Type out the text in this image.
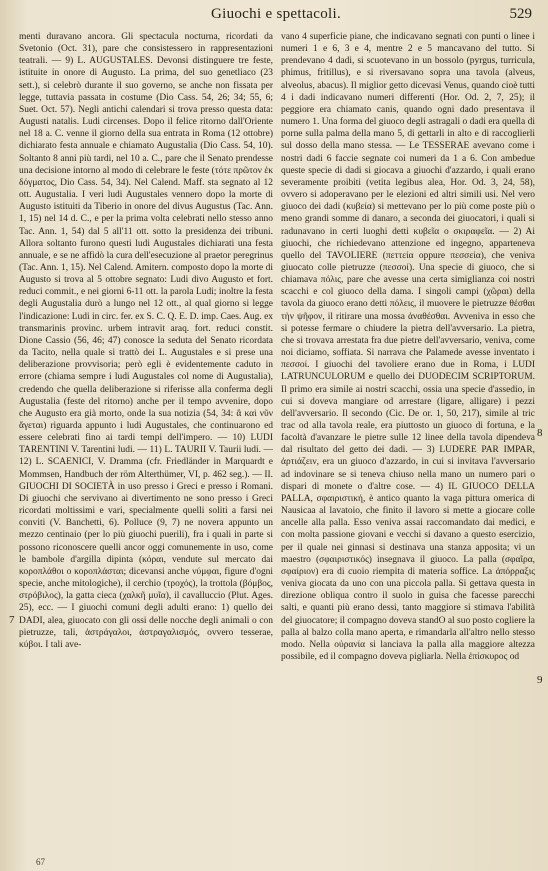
Giuochi e spettacoli.	529

menti duravano ancora. Gli spectacula nocturna, ricordati da Svetonio (Oct. 31), pare che consistessero in rappresentazioni teatrali. — 9) L. AUGUSTALES. Devonsi distinguere tre feste, istituite in onore di Augusto. La prima, del suo genetliaco (23 sett.), si celebrò durante il suo governo, se anche non fissata per legge, tuttavia passata in costume (Dio Cass. 54, 26; 34; 55, 6; Suet. Oct. 57). Negli antichi calendari si trova presso questa data: Augusti natalis. Ludi circenses. Dopo il felice ritorno dall'Oriente nel 18 a. C. venne il giorno della sua entrata in Roma (12 ottobre) dichiarato festa annuale e chiamato Augustalia (Dio Cass. 54, 10). Soltanto 8 anni più tardi, nel 10 a. C., pare che il Senato prendesse una decisione intorno al modo di celebrare le feste (τότε πρῶτον ἐκ δόγματος, Dio Cass. 54, 34). Nel Calend. Maff. sta segnato al 12 ott. Augustalia. I veri ludi Augustales vennero dopo la morte di Augusto istituiti da Tiberio in onore del divus Augustus (Tac. Ann. 1, 15) nel 14 d. C., e per la prima volta celebrati nello stesso anno Tac. Ann. 1, 54) dal 5 all'11 ott. sotto la presidenza dei tribuni. Allora soltanto furono questi ludi Augustales dichiarati una festa annuale, e se ne affidò la cura dell'esecuzione al praetor peregrinus (Tac. Ann. 1, 15). Nel Calend. Amitern. composto dopo la morte di Augusto si trova al 5 ottobre segnato: Ludi divo Augusto et fort. reduci commit., e nei giorni 6-11 ott. la parola Ludi; inoltre la festa degli Augustalia durò a lungo nel 12 ott., al qual giorno si legge l'indicazione: Ludi in circ. fer. ex S. C. Q. E. D. imp. Caes. Aug. ex transmarinis provinc. urbem intravit araq. fort. reduci constit. Dione Cassio (56, 46; 47) conosce la seduta del Senato ricordata da Tacito, nella quale si trattò dei L. Augustales e si prese una deliberazione provvisoria; però egli è evidentemente caduto in errore (chiama sempre i ludi Augustales col nome di Augustalia), credendo che quella deliberazione si riferisse alla conferma degli Augustalia (feste del ritorno) anche per il tempo avvenire, dopo che Augusto era già morto, onde la sua notizia (54, 34: ἃ καὶ νῦν ἄγεται) riguarda appunto i ludi Augustales, che continuarono ed essere celebrati fino ai tardi tempi dell'impero. — 10) LUDI TARENTINI V. Tarentini ludi. — 11) L. TAURII V. Taurii ludi. — 12) L. SCAENICI, V. Dramma (cfr. Friedländer in Marquardt e Mommsen, Handbuch der röm Alterthümer, VI, p. 462 seg.). — II. GIUOCHI DI SOCIETÀ in uso presso i Greci e presso i Romani. Di giuochi che servivano ai divertimento ne sono presso i Greci ricordati moltissimi e vari, specialmente quelli soliti a farsi nei conviti (V. Banchetti, 6). Polluce (9, 7) ne novera appunto un mezzo centinaio (per lo più giuochi puerili), fra i quali in parte si possono riconoscere quelli ancor oggi comunemente in uso, come le bambole d'argilla dipinta (κόραι, vendute sul mercato dai κοροπλάθοι o κοροπλάσται; dicevansi anche νύμφαι, figure d'ogni specie, anche mitologiche), il cerchio (τροχός), la trottola (βόμβος, στρόβιλος), la gatta cieca (χαλκῆ μυῖα), il cavalluccio (Plut. Ages. 25), ecc. — I giuochi comuni degli adulti erano: 1) quello dei DADI, alea, giuocato con gli ossi delle nocche degli animali o con pietruzze, tali, ἀστράγαλοι, ἀστραγαλισμός, ovvero tesserae, κύβοι. I tali ave-

vano 4 superficie piane, che indicavano segnati con punti o linee i numeri 1 e 6, 3 e 4, mentre 2 e 5 mancavano del tutto. Si prendevano 4 dadi, si scuotevano in un bossolo (pyrgus, turricula, phimus, fritillus), e si riversavano sopra una tavola (alveus, alveolus, abacus). Il miglior getto dicevasi Venus, quando cioè tutti 4 i dadi indicavano numeri differenti (Hor. Od. 2, 7, 25); il peggiore era chiamato canis, quando ogni dado presentava il numero 1. Una forma del giuoco degli astragali o dadi era quella di porne sulla palma della mano 5, di gettarli in alto e di raccoglierli sul dosso della mano stessa. — Le TESSERAE avevano come i nostri dadi 6 faccie segnate coi numeri da 1 a 6. Con ambedue queste specie di dadi si giocava a giuochi d'azzardo, i quali erano severamente proibiti (vetita legibus alea, Hor. Od. 3, 24, 58), ovvero si adoperavano per le elezioni ed altri simili usi. Nel vero giuoco dei dadi (κυβεία) si mettevano per lo più come poste più o meno grandi somme di danaro, a seconda dei giuocatori, i quali si radunavano in certi luoghi detti κυβεῖα o σκιραφεῖα. — 2) Ai giuochi, che richiedevano attenzione ed ingegno, apparteneva quello del TAVOLIERE (πεττεία oppure πεσσεία), che veniva giuocato colle pietruzze (πεσσοί). Una specie di giuoco, che si chiamava πόλις, pare che avesse una certa simiglianza coi nostri scacchi e col giuoco della dama. I singoli campi (χῶραι) della tavola da giuoco erano detti πόλεις, il muovere le pietruzze θέσθαι τὴν ψῆφον, il ritirare una mossa ἀναθέσθαι. Avveniva in esso che si potesse fermare o chiudere la pietra dell'avversario. La pietra, che si trovava arrestata fra due pietre dell'avversario, veniva, come noi diciamo, soffiata. Si narrava che Palamede avesse inventato i πεσσοί. I giuochi del tavoliere erano due in Roma, i LUDI LATRUNCULORUM e quello dei DUODECIM SCRIPTORUM. Il primo era simile ai nostri scacchi, ossia una specie d'assedio, in cui si doveva mangiare od arrestare (ligare, alligare) i pezzi dell'avversario. Il secondo (Cic. De or. 1, 50, 217), simile al tric trac od alla tavola reale, era piuttosto un giuoco di fortuna, e la facoltà d'avanzare le pietre sulle 12 linee della tavola dipendeva dal risultato del getto dei dadi. — 3) LUDERE PAR IMPAR, ἀρτιάζειν, era un giuoco d'azzardo, in cui si invitava l'avversario ad indovinare se si teneva chiuso nella mano un numero pari o dispari di monete o d'altre cose. — 4) IL GIUOCO DELLA PALLA, σφαιριστική, è antico quanto la vaga pittura omerica di Nausicaa al lavatoio, che finito il lavoro si mette a giocare colle ancelle alla palla. Esso veniva assai raccomandato dai medici, e con molta passione giovani e vecchi si davano a questo esercizio, per il quale nei ginnasi si destinava una stanza apposita; vi un maestro (σφαιριστικός) insegnava il giuoco. La palla (σφαῖρα, σφαίριον) era di cuoio riempita di materia soffice. La ἀπόρραξις veniva giocata da uno con una piccola palla. Si gettava questa in direzione obliqua contro il suolo in guisa che facesse parecchi salti, e quanti più erano dessi, tanto maggiore si stimava l'abilità del giuocatore; il compagno doveva standO al suo posto cogliere la palla al balzo colla mano aperta, e rimandarla all'altro nello stesso modo. Nella οὐρανία si lanciava la palla alla maggiore altezza possibile, ed il compagno doveva pigliarla. Nella ἐπίσκυρος od

7
8
9
67
